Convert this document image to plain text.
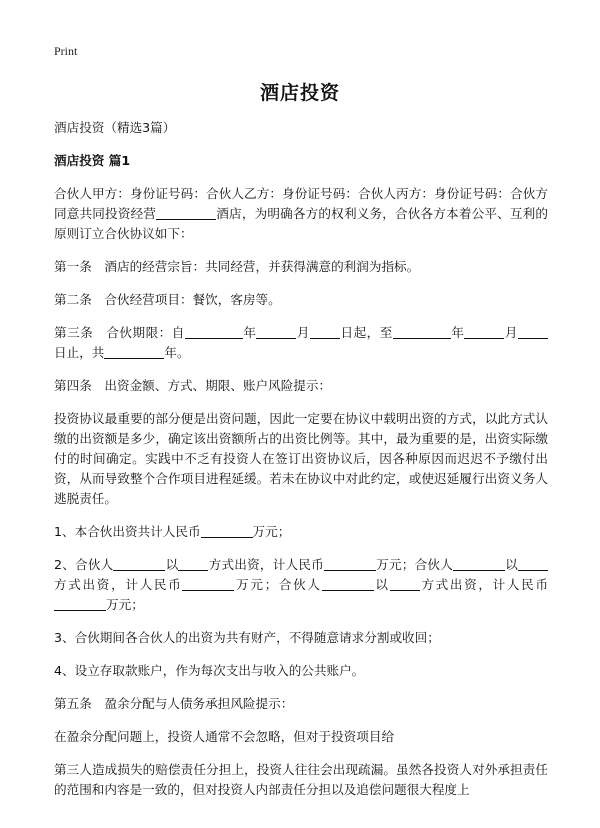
Print
酒店投资

酒店投资（精选3篇）

酒店投资 篇1

合伙人甲方：身份证号码：合伙人乙方：身份证号码：合伙人丙方：身份证号码：合伙方同意共同投资经营	酒店，为明确各方的权利义务，合伙各方本着公平、互利的原则订立合伙协议如下：

第一条　酒店的经营宗旨：共同经营，并获得满意的利润为指标。

第二条　合伙经营项目：餐饮，客房等。

第三条　合伙期限：自	年	月 日起，至	年	月日止，共	年。

第四条　出资金额、方式、期限、账户风险提示：

投资协议最重要的部分便是出资问题，因此一定要在协议中载明出资的方式，以此方式认缴的出资额是多少，确定该出资额所占的出资比例等。其中，最为重要的是，出资实际缴付的时间确定。实践中不乏有投资人在签订出资协议后，因各种原因而迟迟不予缴付出资，从而导致整个合作项目进程延缓。若未在协议中对此约定，或使迟延履行出资义务人逃脱责任。

1、本合伙出资共计人民币	万元；

2、合伙人	以 方式出资，计人民币	万元；合伙人	以方式出资，计人民币	万元；合伙人	以 方式出资，计人民币万元；

3、合伙期间各合伙人的出资为共有财产，不得随意请求分割或收回；

4、设立存取款账户，作为每次支出与收入的公共账户。

第五条　盈余分配与人债务承担风险提示：

在盈余分配问题上，投资人通常不会忽略，但对于投资项目给

第三人造成损失的赔偿责任分担上，投资人往往会出现疏漏。虽然各投资人对外承担责任的范围和内容是一致的，但对投资人内部责任分担以及追偿问题很大程度上
